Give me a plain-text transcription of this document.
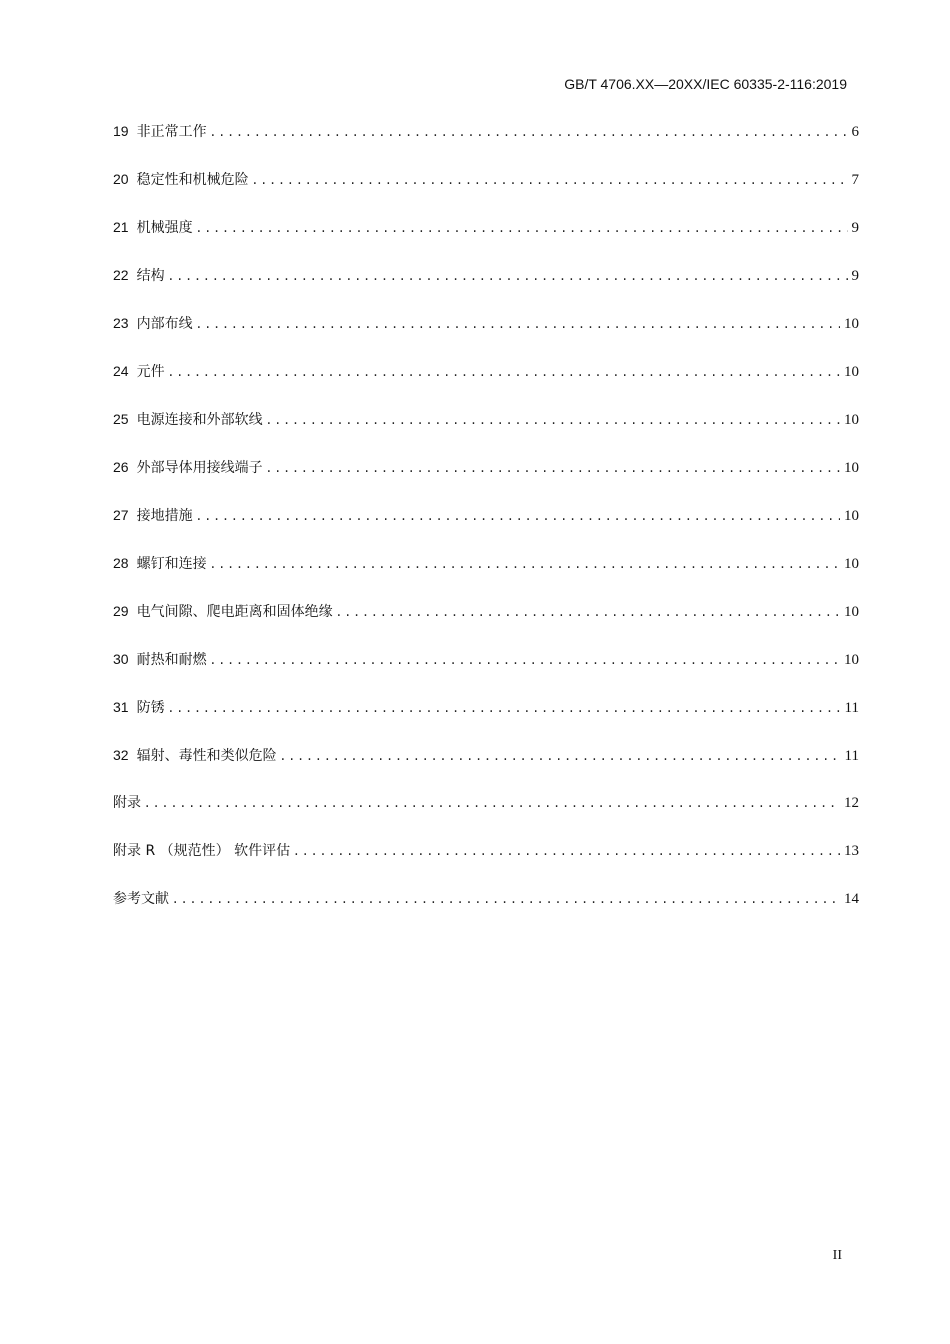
GB/T 4706.XX—20XX/IEC 60335-2-116:2019
19 非正常工作 . . .	6
20 稳定性和机械危险 . . .	7
21 机械强度 . . .	9
22 结构 . . .	9
23 内部布线 . . .	10
24 元件 . . .	10
25 电源连接和外部软线 . . .	10
26 外部导体用接线端子 . . .	10
27 接地措施 . . .	10
28 螺钉和连接 . . .	10
29 电气间隙、爬电距离和固体绝缘 . . .	10
30 耐热和耐燃 . . .	10
31 防锈 . . .	11
32 辐射、毒性和类似危险 . . .	11
附录 . . .	12
附录 R （规范性） 软件评估 . . .	13
参考文献 . . .	14
II
